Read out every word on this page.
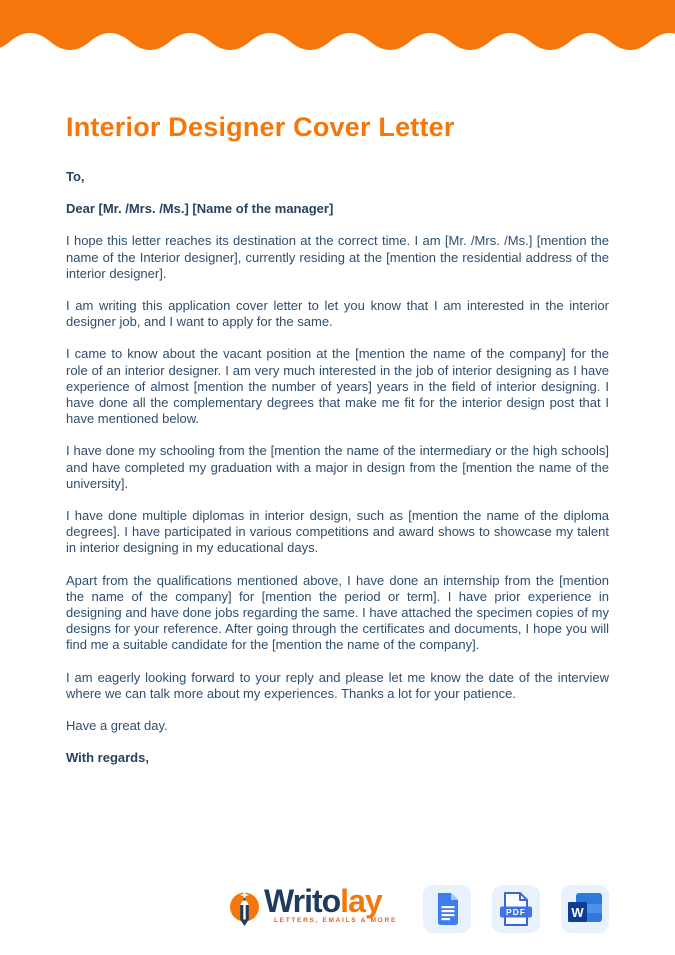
Interior Designer Cover Letter

To,

Dear [Mr. /Mrs. /Ms.] [Name of the manager]

I hope this letter reaches its destination at the correct time. I am [Mr. /Mrs. /Ms.] [mention the name of the Interior designer], currently residing at the [mention the residential address of the interior designer].

I am writing this application cover letter to let you know that I am interested in the interior designer job, and I want to apply for the same.

I came to know about the vacant position at the [mention the name of the company] for the role of an interior designer. I am very much interested in the job of interior designing as I have experience of almost [mention the number of years] years in the field of interior designing. I have done all the complementary degrees that make me fit for the interior design post that I have mentioned below.

I have done my schooling from the [mention the name of the intermediary or the high schools] and have completed my graduation with a major in design from the [mention the name of the university].

I have done multiple diplomas in interior design, such as [mention the name of the diploma degrees]. I have participated in various competitions and award shows to showcase my talent in interior designing in my educational days.

Apart from the qualifications mentioned above, I have done an internship from the [mention the name of the company] for [mention the period or term]. I have prior experience in designing and have done jobs regarding the same. I have attached the specimen copies of my designs for your reference. After going through the certificates and documents, I hope you will find me a suitable candidate for the [mention the name of the company].

I am eagerly looking forward to your reply and please let me know the date of the interview where we can talk more about my experiences. Thanks a lot for your patience.

Have a great day.

With regards,

Writolay
LETTERS, EMAILS & MORE
PDF	W
